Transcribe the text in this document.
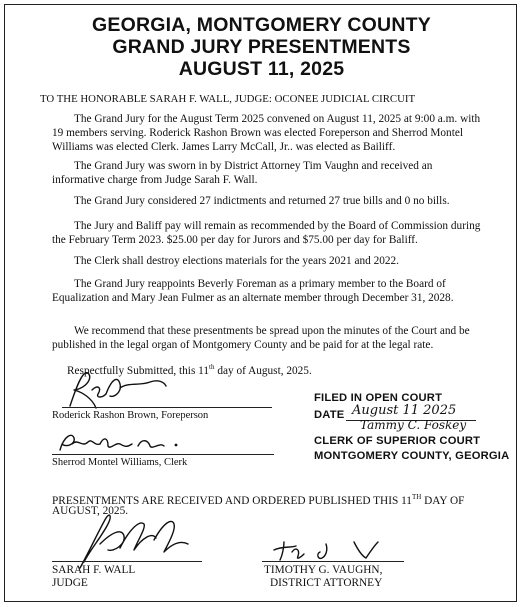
GEORGIA, MONTGOMERY COUNTY
GRAND JURY PRESENTMENTS
AUGUST 11, 2025
TO THE HONORABLE SARAH F. WALL, JUDGE: OCONEE JUDICIAL CIRCUIT

The Grand Jury for the August Term 2025 convened on August 11, 2025 at 9:00 a.m. with 19 members serving. Roderick Rashon Brown was elected Foreperson and Sherrod Montel Williams was elected Clerk. James Larry McCall, Jr.. was elected as Bailiff.

The Grand Jury was sworn in by District Attorney Tim Vaughn and received an informative charge from Judge Sarah F. Wall.

The Grand Jury considered 27 indictments and returned 27 true bills and 0 no bills.

The Jury and Baliff pay will remain as recommended by the Board of Commission during the February Term 2023. $25.00 per day for Jurors and $75.00 per day for Baliff.

The Clerk shall destroy elections materials for the years 2021 and 2022.

The Grand Jury reappoints Beverly Foreman as a primary member to the Board of Equalization and Mary Jean Fulmer as an alternate member through December 31, 2028.

We recommend that these presentments be spread upon the minutes of the Court and be published in the legal organ of Montgomery County and be paid for at the legal rate.

Respectfully Submitted, this 11th day of August, 2025.
Roderick Rashon Brown, Foreperson
Sherrod Montel Williams, Clerk
FILED IN OPEN COURT
DATE August 11 2025
Tammy C. Foskey
CLERK OF SUPERIOR COURT
MONTGOMERY COUNTY, GEORGIA
PRESENTMENTS ARE RECEIVED AND ORDERED PUBLISHED THIS 11TH DAY OF
AUGUST, 2025.
SARAH F. WALL
JUDGE
TIMOTHY G. VAUGHN,
DISTRICT ATTORNEY
